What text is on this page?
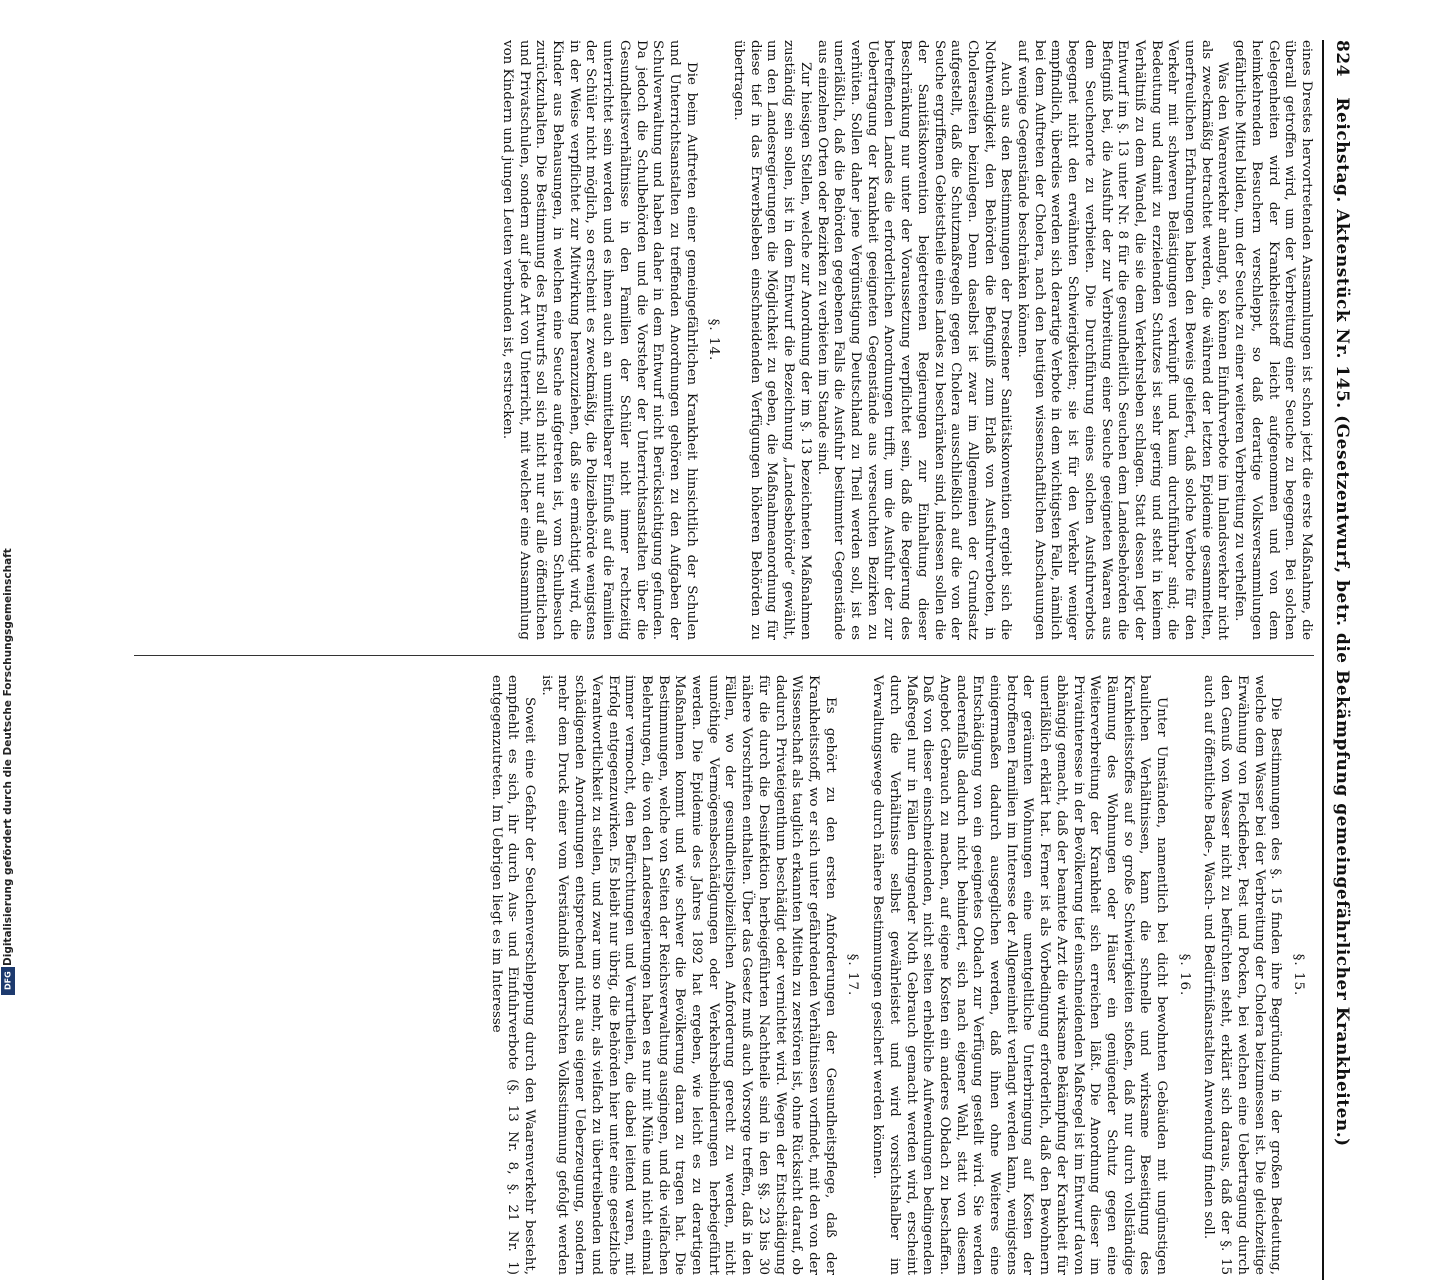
824 Reichstag. Aktenstück Nr. 145. (Gesetzentwurf, betr. die Bekämpfung gemeingefährlicher Krankheiten.)

eines Drestes hervortretenden Ansammlungen ist schon jetzt die erste Maßnahme, die überall getroffen wird, um der Verbreitung einer Seuche zu begegnen. Bei solchen Gelegenheiten wird der Krankheitsstoff leicht aufgenommen und von dem heimkehrenden Besuchern verschleppt, so daß derartige Volksversammlungen gefährliche Mittel bilden, um der Seuche zu einer weiteren Verbreitung zu verhelfen.

Was den Warenverkehr anlangt, so können Einfuhrverbote im Inlandsverkehr nicht als zweckmäßig betrachtet werden, die während der letzten Epidemie gesammelten, unerfreulichen Erfahrungen haben den Beweis geliefert, daß solche Verbote für den Verkehr mit schweren Belästigungen verknüpft und kaum durchführbar sind; die Bedeutung und damit zu erzielenden Schutzes ist sehr gering und steht in keinem Verhältniß zu dem Wandel, die sie dem Verkehrsleben schlagen. Statt dessen legt der Entwurf im §. 13 unter Nr. 8 für die gesundheitlich Seuchen dem Landesbehörden die Befugniß bei, die Ausfuhr der zur Verbreitung einer Seuche geeigneten Waaren aus dem Seuchenorte zu verbieten. Die Durchführung eines solchen Ausfuhrverbots begegnet nicht den erwähnten Schwierigkeiten; sie ist für den Verkehr weniger empfindlich, überdies werden sich derartige Verbote in dem wichtigsten Falle, nämlich bei dem Auftreten der Cholera, nach den heutigen wissenschaftlichen Anschauungen auf wenige Gegenstände beschränken können.

Auch aus den Bestimmungen der Dresdener Sanitätskonvention ergiebt sich die Nothwendigkeit, den Behörden die Befugniß zum Erlaß von Ausfuhrverboten, in Choleraseiten beizulegen. Denn daselbst ist zwar im Allgemeinen der Grundsatz aufgestellt, daß die Schutzmaßregeln gegen Cholera ausschließlich auf die von der Seuche ergriffenen Gebietstheile eines Landes zu beschränken sind, indessen sollen die der Sanitätskonvention beigetretenen Regierungen zur Einhaltung dieser Beschränkung nur unter der Voraussetzung verpflichtet sein, daß die Regierung des betreffenden Landes die erforderlichen Anordnungen trifft, um die Ausfuhr der zur Uebertragung der Krankheit geeigneten Gegenstände aus verseuchten Bezirken zu verhüten. Sollen daher jene Vergünstigung Deutschland zu Theil werden soll, ist es unerläßlich, daß die Behörden gegebenen Falls die Ausfuhr bestimmter Gegenstände aus einzelnen Orten oder Bezirken zu verbieten im Stande sind.

Zur hiesigen Stellen, welche zur Anordnung der im §. 13 bezeichneten Maßnahmen zuständig sein sollen, ist in dem Entwurf die Bezeichnung „Landesbehörde“ gewählt, um den Landesregierungen die Möglichkeit zu geben, die Maßnahmeanordnung für diese tief in das Erwerbsleben einschneidenden Verfügungen höheren Behörden zu übertragen.

§. 14.

Die beim Auftreten einer gemeingefährlichen Krankheit hinsichtlich der Schulen und Unterrichtsanstalten zu treffenden Anordnungen gehören zu den Aufgaben der Schulverwaltung und haben daher in dem Entwurf nicht Berücksichtigung gefunden. Da jedoch die Schulbehörden und die Vorsteher der Unterrichtsanstalten über die Gesundheitsverhältnisse in den Familien der Schüler nicht immer rechtzeitig unterrichtet sein werden und es ihnen auch an unmittelbarer Einfluß auf die Familien der Schüler nicht möglich, so erscheint es zweckmäßig, die Polizeibehörde wenigstens in der Weise verpflichtet zur Mitwirkung heranzuziehen, daß sie ermächtigt wird, die Kinder aus Behausungen, in welchen eine Seuche aufgetreten ist, vom Schulbesuch zurückzuhalten. Die Bestimmung des Entwurfs soll sich nicht nur auf alle öffentlichen und Privatschulen, sondern auf jede Art von Unterricht, mit welcher eine Ansammlung von Kindern und jungen Leuten verbunden ist, erstrecken.

§. 15.

Die Bestimmungen des §. 15 finden ihre Begründung in der großen Bedeutung, welche dem Wasser bei der Verbreitung der Cholera beizumessen ist. Die gleichzeitige Erwähnung von Fleckfieber, Pest und Pocken, bei welchen eine Uebertragung durch den Genuß von Wasser nicht zu befürchten steht, erklärt sich daraus, daß der §. 15 auch auf öffentliche Bade-, Wasch- und Bedürfnißanstalten Anwendung finden soll.

§. 16.

Unter Umständen, namentlich bei dicht bewohnten Gebäuden mit ungünstigen baulichen Verhältnissen, kann die schnelle und wirksame Beseitigung des Krankheitsstoffes auf so große Schwierigkeiten stoßen, daß nur durch vollständige Räumung des Wohnungen oder Häuser ein genügender Schutz gegen eine Weiterverbreitung der Krankheit sich erreichen läßt. Die Anordnung dieser im Privatinteresse in der Bevölkerung tief einschneidenden Maßregel ist im Entwurf davon abhängig gemacht, daß der beamtete Arzt die wirksame Bekämpfung der Krankheit für unerläßlich erklärt hat. Ferner ist als Vorbedingung erforderlich, daß den Bewohnern der geräumten Wohnungen eine unentgeltliche Unterbringung auf Kosten der betroffenen Familien im Interesse der Allgemeinheit verlangt werden kann, wenigstens einigermaßen dadurch ausgeglichen werden, daß ihnen ohne Weiteres eine Entschädigung von ein geeignetes Obdach zur Verfügung gestellt wird. Sie werden anderenfalls dadurch nicht behindert, sich nach eigener Wahl, statt von diesem Angebot Gebrauch zu machen, auf eigene Kosten ein anderes Obdach zu beschaffen. Daß von dieser einschneidenden, nicht selten erhebliche Aufwendungen bedingenden Maßregel nur in Fällen dringender Noth Gebrauch gemacht werden wird, erscheint durch die Verhältnisse selbst gewährleistet und wird vorsichtshalber im Verwaltungswege durch nähere Bestimmungen gesichert werden können.

§. 17.

Es gehört zu den ersten Anforderungen der Gesundheitspflege, daß der Krankheitsstoff, wo er sich unter gefährdenden Verhältnissen vorfindet, mit den von der Wissenschaft als tauglich erkannten Mitteln zu zerstören ist, ohne Rücksicht darauf, ob dadurch Privateigenthum beschädigt oder vernichtet wird. Wegen der Entschädigung für die durch die Desinfektion herbeigeführten Nachtheile sind in den §§. 23 bis 30 nähere Vorschriften enthalten. Über das Gesetz muß auch Vorsorge treffen, daß in den Fällen, wo der gesundheitspolizeilichen Anforderung gerecht zu werden, nicht unnöthige Vermögensbeschädigungen oder Verkehrsbehinderungen herbeigeführt werden. Die Epidemie des Jahres 1892 hat ergeben, wie leicht es zu derartigen Maßnahmen kommt und wie schwer die Bevölkerung daran zu tragen hat. Die Bestimmungen, welche von Seiten der Reichsverwaltung ausgingen, und die vielfachen Belehrungen, die von den Landesregierungen haben es nur mit Mühe und nicht einmal immer vermocht, den Befürchtungen und Verurtheilen, die dabei leitend waren, mit Erfolg entgegenzuwirken. Es bleibt nur übrig, die Behörden hier unter eine gesetzliche Verantwortlichkeit zu stellen, und zwar um so mehr, als vielfach zu übertreibenden und schädigenden Anordnungen entsprechend nicht aus eigener Ueberzeugung, sondern mehr dem Druck einer vom Verständniß beherrschten Volksstimmung gefolgt werden ist.

Soweit eine Gefahr der Seuchenverschleppung durch den Waarenverkehr besteht, empfiehlt es sich, ihr durch Aus- und Einfuhrverbote (§. 13 Nr. 8, §. 21 Nr. 1) entgegenzutreten. Im Uebrigen liegt es im Interesse

Digitalisierung gefördert durch die Deutsche Forschungsgemeinschaft
DFG
